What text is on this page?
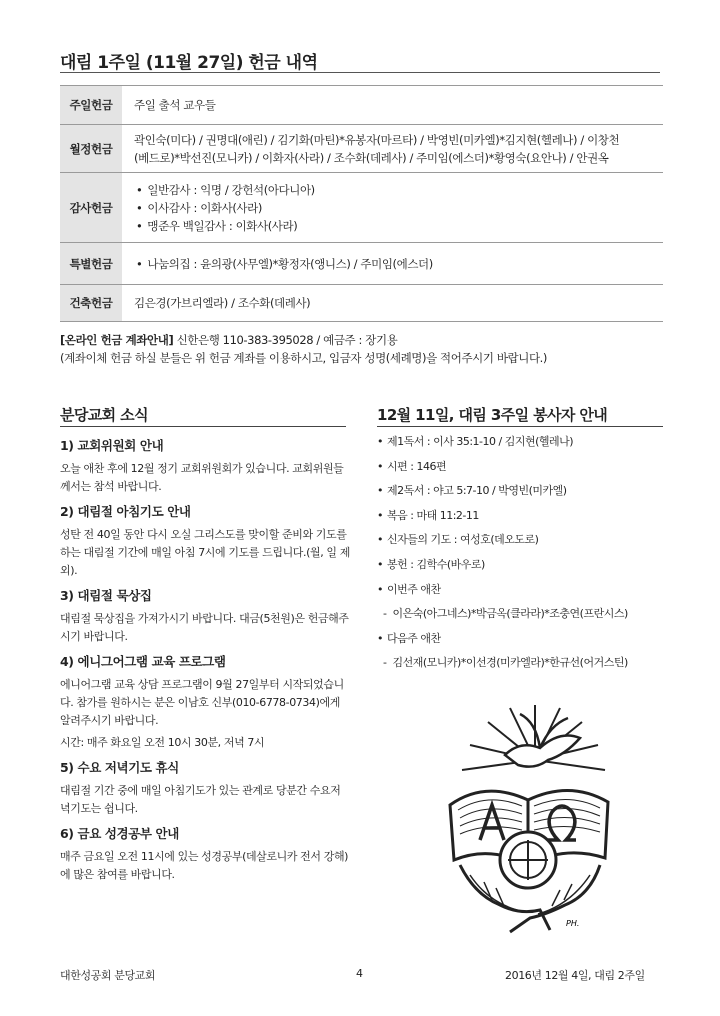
대림 1주일 (11월 27일) 헌금 내역
주일헌금	주일 출석 교우들
월정헌금	곽인숙(미다) / 권명대(애린) / 김기화(마틴)*유봉자(마르타) / 박영빈(미카엘)*김지현(헬레나) / 이창천
(베드로)*박선진(모니카) / 이화자(사라) / 조수화(데레사) / 주미임(에스더)*황영숙(요안나) / 안권옥

감사헌금	• 일반감사 : 익명 / 강헌석(아다니아)
• 이사감사 : 이화사(사라)
• 맹준우 백일감사 : 이화사(사라)

특별헌금	• 나눔의집 : 윤의광(사무엘)*황정자(앵니스) / 주미임(에스더)

건축헌금	김은경(가브리엘라) / 조수화(데레사)
[온라인 헌금 계좌안내] 신한은행 110-383-395028 / 예금주 : 장기용
(계좌이체 헌금 하실 분들은 위 헌금 계좌를 이용하시고, 입금자 성명(세례명)을 적어주시기 바랍니다.)
분당교회 소식
1) 교회위원회 안내
오늘 애찬 후에 12월 정기 교회위원회가 있습니다. 교회위원들께서는 참석 바랍니다.
2) 대림절 아침기도 안내
성탄 전 40일 동안 다시 오실 그리스도를 맞이할 준비와 기도를 하는 대림절 기간에 매일 아침 7시에 기도를 드립니다.(월, 일 제외).
3) 대림절 묵상집
대림절 묵상집을 가져가시기 바랍니다. 대금(5천원)은 헌금해주시기 바랍니다.
4) 에니그어그램 교육 프로그램
에니어그램 교육 상담 프로그램이 9월 27일부터 시작되었습니다. 참가를 원하시는 분은 이남호 신부(010-6778-0734)에게 알려주시기 바랍니다.
시간: 매주 화요일 오전 10시 30분, 저녁 7시
5) 수요 저녁기도 휴식
대림절 기간 중에 매일 아침기도가 있는 관계로 당분간 수요저녁기도는 쉽니다.
6) 금요 성경공부 안내
매주 금요일 오전 11시에 있는 성경공부(데살로니카 전서 강해)에 많은 참여를 바랍니다.
12월 11일, 대림 3주일 봉사자 안내
• 제1독서 : 이사 35:1-10 / 김지현(헬레나)
• 시편 : 146편
• 제2독서 : 야고 5:7-10 / 박영빈(미카엘)
• 복음 : 마태 11:2-11
• 신자들의 기도 : 여성호(데오도로)
• 봉헌 : 김학수(바우로)
• 이번주 애찬
- 이은숙(아그네스)*박금옥(클라라)*조충연(프란시스)
• 다음주 애찬
- 김선재(모니카)*이선경(미카엘라)*한규선(어거스틴)
PH.
대한성공회 분당교회	4	2016년 12월 4일, 대림 2주일
